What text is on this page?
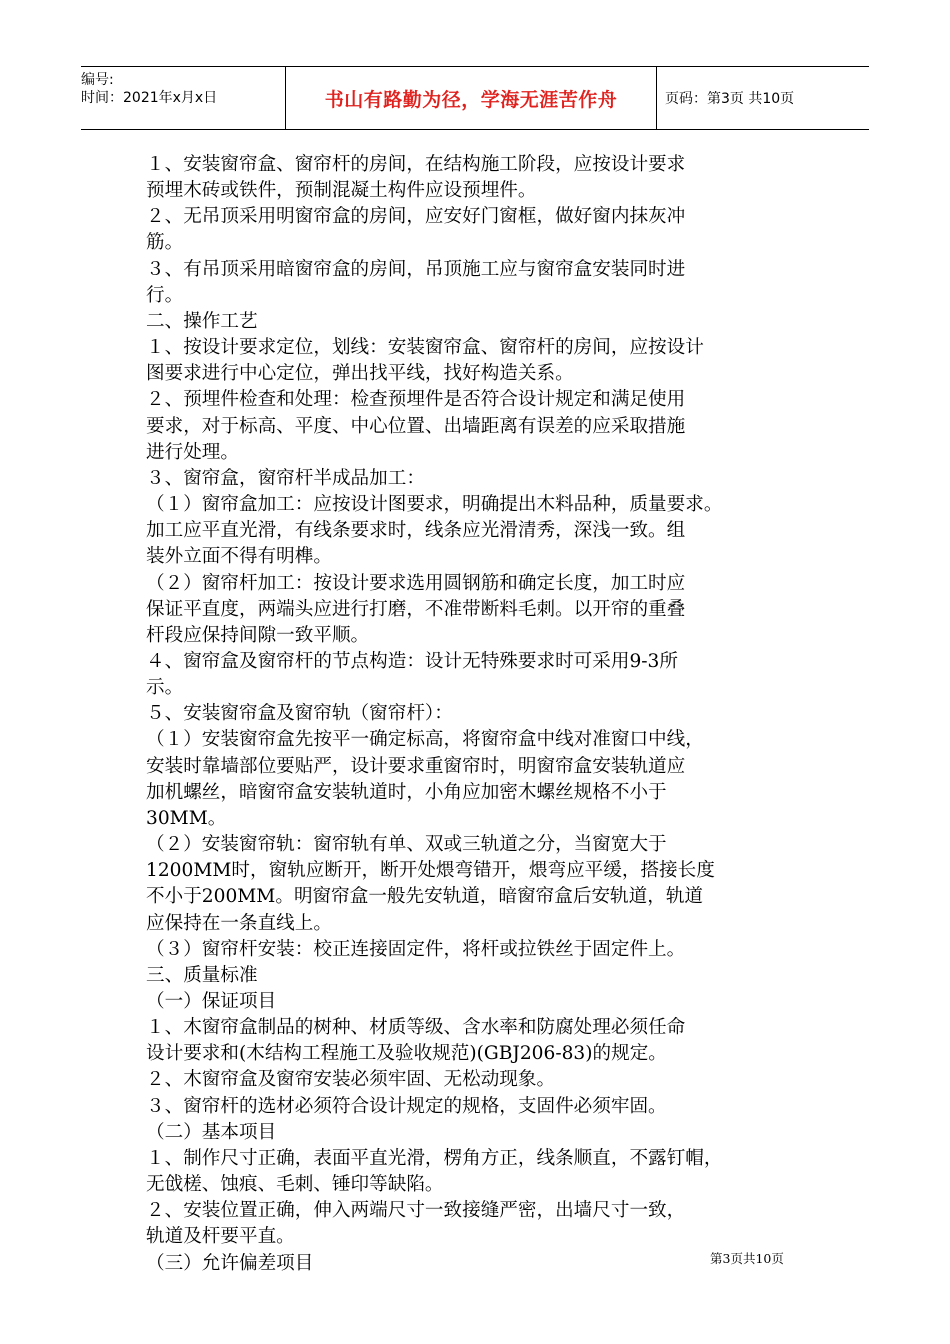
编号:
时间：2021年x月x日	书山有路勤为径，学海无涯苦作舟	页码：第3页 共10页

１、安装窗帘盒、窗帘杆的房间，在结构施工阶段，应按设计要求

预埋木砖或铁件，预制混凝土构件应设预埋件。

２、无吊顶采用明窗帘盒的房间，应安好门窗框，做好窗内抹灰冲

筋。

３、有吊顶采用暗窗帘盒的房间，吊顶施工应与窗帘盒安装同时进

行。

二、操作工艺

１、按设计要求定位，划线：安装窗帘盒、窗帘杆的房间，应按设计

图要求进行中心定位，弹出找平线，找好构造关系。

２、预埋件检查和处理：检查预埋件是否符合设计规定和满足使用

要求，对于标高、平度、中心位置、出墙距离有误差的应采取措施

进行处理。

３、窗帘盒，窗帘杆半成品加工：

（１）窗帘盒加工：应按设计图要求，明确提出木料品种，质量要求。

加工应平直光滑，有线条要求时，线条应光滑清秀，深浅一致。组

装外立面不得有明榫。

（２）窗帘杆加工：按设计要求选用圆钢筋和确定长度，加工时应

保证平直度，两端头应进行打磨，不准带断料毛刺。以开帘的重叠

杆段应保持间隙一致平顺。

４、窗帘盒及窗帘杆的节点构造：设计无特殊要求时可采用9-3所

示。

５、安装窗帘盒及窗帘轨（窗帘杆）：

（１）安装窗帘盒先按平一确定标高，将窗帘盒中线对准窗口中线，

安装时靠墙部位要贴严，设计要求重窗帘时，明窗帘盒安装轨道应

加机螺丝，暗窗帘盒安装轨道时，小角应加密木螺丝规格不小于

30MM。

（２）安装窗帘轨：窗帘轨有单、双或三轨道之分，当窗宽大于

1200MM时，窗轨应断开，断开处煨弯错开，煨弯应平缓，搭接长度

不小于200MM。明窗帘盒一般先安轨道，暗窗帘盒后安轨道，轨道

应保持在一条直线上。

（３）窗帘杆安装：校正连接固定件，将杆或拉铁丝于固定件上。

三、质量标准

（一）保证项目

１、木窗帘盒制品的树种、材质等级、含水率和防腐处理必须任命

设计要求和(木结构工程施工及验收规范)(GBJ206-83)的规定。

２、木窗帘盒及窗帘安装必须牢固、无松动现象。

３、窗帘杆的选材必须符合设计规定的规格，支固件必须牢固。

（二）基本项目

１、制作尺寸正确，表面平直光滑，楞角方正，线条顺直，不露钉帽，

无戗槎、蚀痕、毛刺、锤印等缺陷。

２、安装位置正确，伸入两端尺寸一致接缝严密，出墙尺寸一致，

轨道及杆要平直。

（三）允许偏差项目	第3页共10页
